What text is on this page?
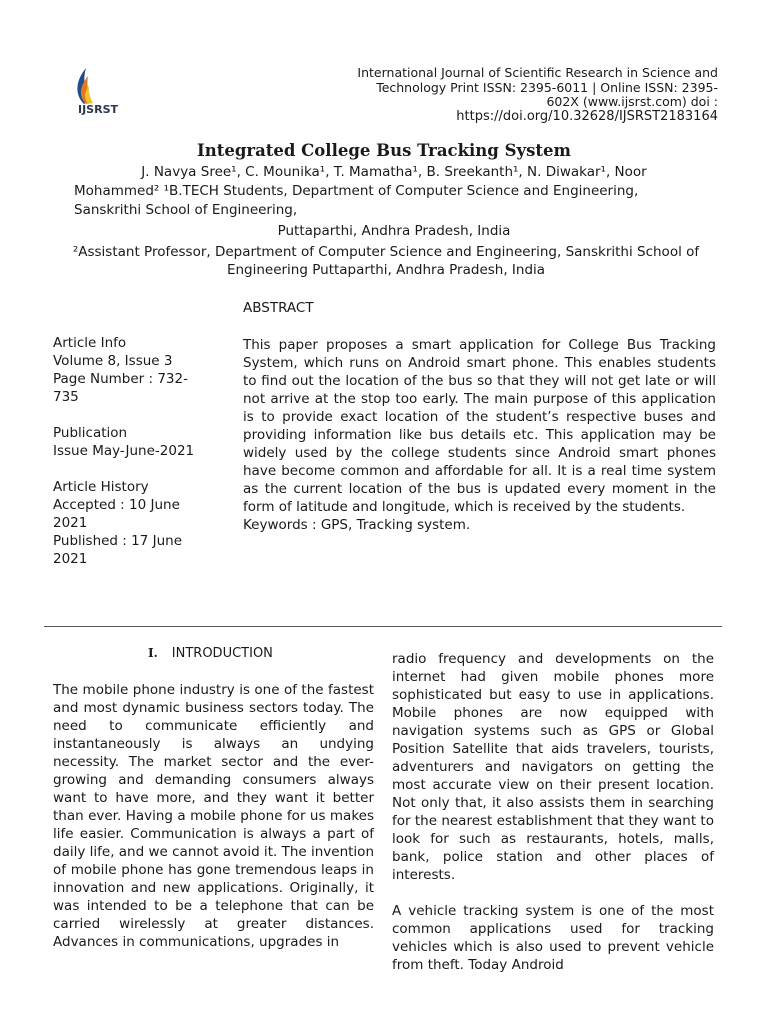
IJSRST
International Journal of Scientific Research in Science and
Technology Print ISSN: 2395-6011 | Online ISSN: 2395-
602X (www.ijsrst.com) doi :
https://doi.org/10.32628/IJSRST2183164
Integrated College Bus Tracking System
J. Navya Sree¹, C. Mounika¹, T. Mamatha¹, B. Sreekanth¹, N. Diwakar¹, Noor
Mohammed² ¹B.TECH Students, Department of Computer Science and Engineering,
Sanskrithi School of Engineering,
Puttaparthi, Andhra Pradesh, India
²Assistant Professor, Department of Computer Science and Engineering, Sanskrithi School of Engineering Puttaparthi, Andhra Pradesh, India
ABSTRACT

Article Info
Volume 8, Issue 3
Page Number : 732-735

Publication
Issue May-June-2021

Article History
Accepted : 10 June 2021
Published : 17 June 2021

This paper proposes a smart application for College Bus Tracking System, which runs on Android smart phone. This enables students to find out the location of the bus so that they will not get late or will not arrive at the stop too early. The main purpose of this application is to provide exact location of the student’s respective buses and providing information like bus details etc. This application may be widely used by the college students since Android smart phones have become common and affordable for all. It is a real time system as the current location of the bus is updated every moment in the form of latitude and longitude, which is received by the students.

Keywords : GPS, Tracking system.

I. INTRODUCTION

The mobile phone industry is one of the fastest and most dynamic business sectors today. The need to communicate efficiently and instantaneously is always an undying necessity. The market sector and the ever-growing and demanding consumers always want to have more, and they want it better than ever. Having a mobile phone for us makes life easier. Communication is always a part of daily life, and we cannot avoid it. The invention of mobile phone has gone tremendous leaps in innovation and new applications. Originally, it was intended to be a telephone that can be carried wirelessly at greater distances. Advances in communications, upgrades in

radio frequency and developments on the internet had given mobile phones more sophisticated but easy to use in applications. Mobile phones are now equipped with navigation systems such as GPS or Global Position Satellite that aids travelers, tourists, adventurers and navigators on getting the most accurate view on their present location. Not only that, it also assists them in searching for the nearest establishment that they want to look for such as restaurants, hotels, malls, bank, police station and other places of interests.

A vehicle tracking system is one of the most common applications used for tracking vehicles which is also used to prevent vehicle from theft. Today Android
